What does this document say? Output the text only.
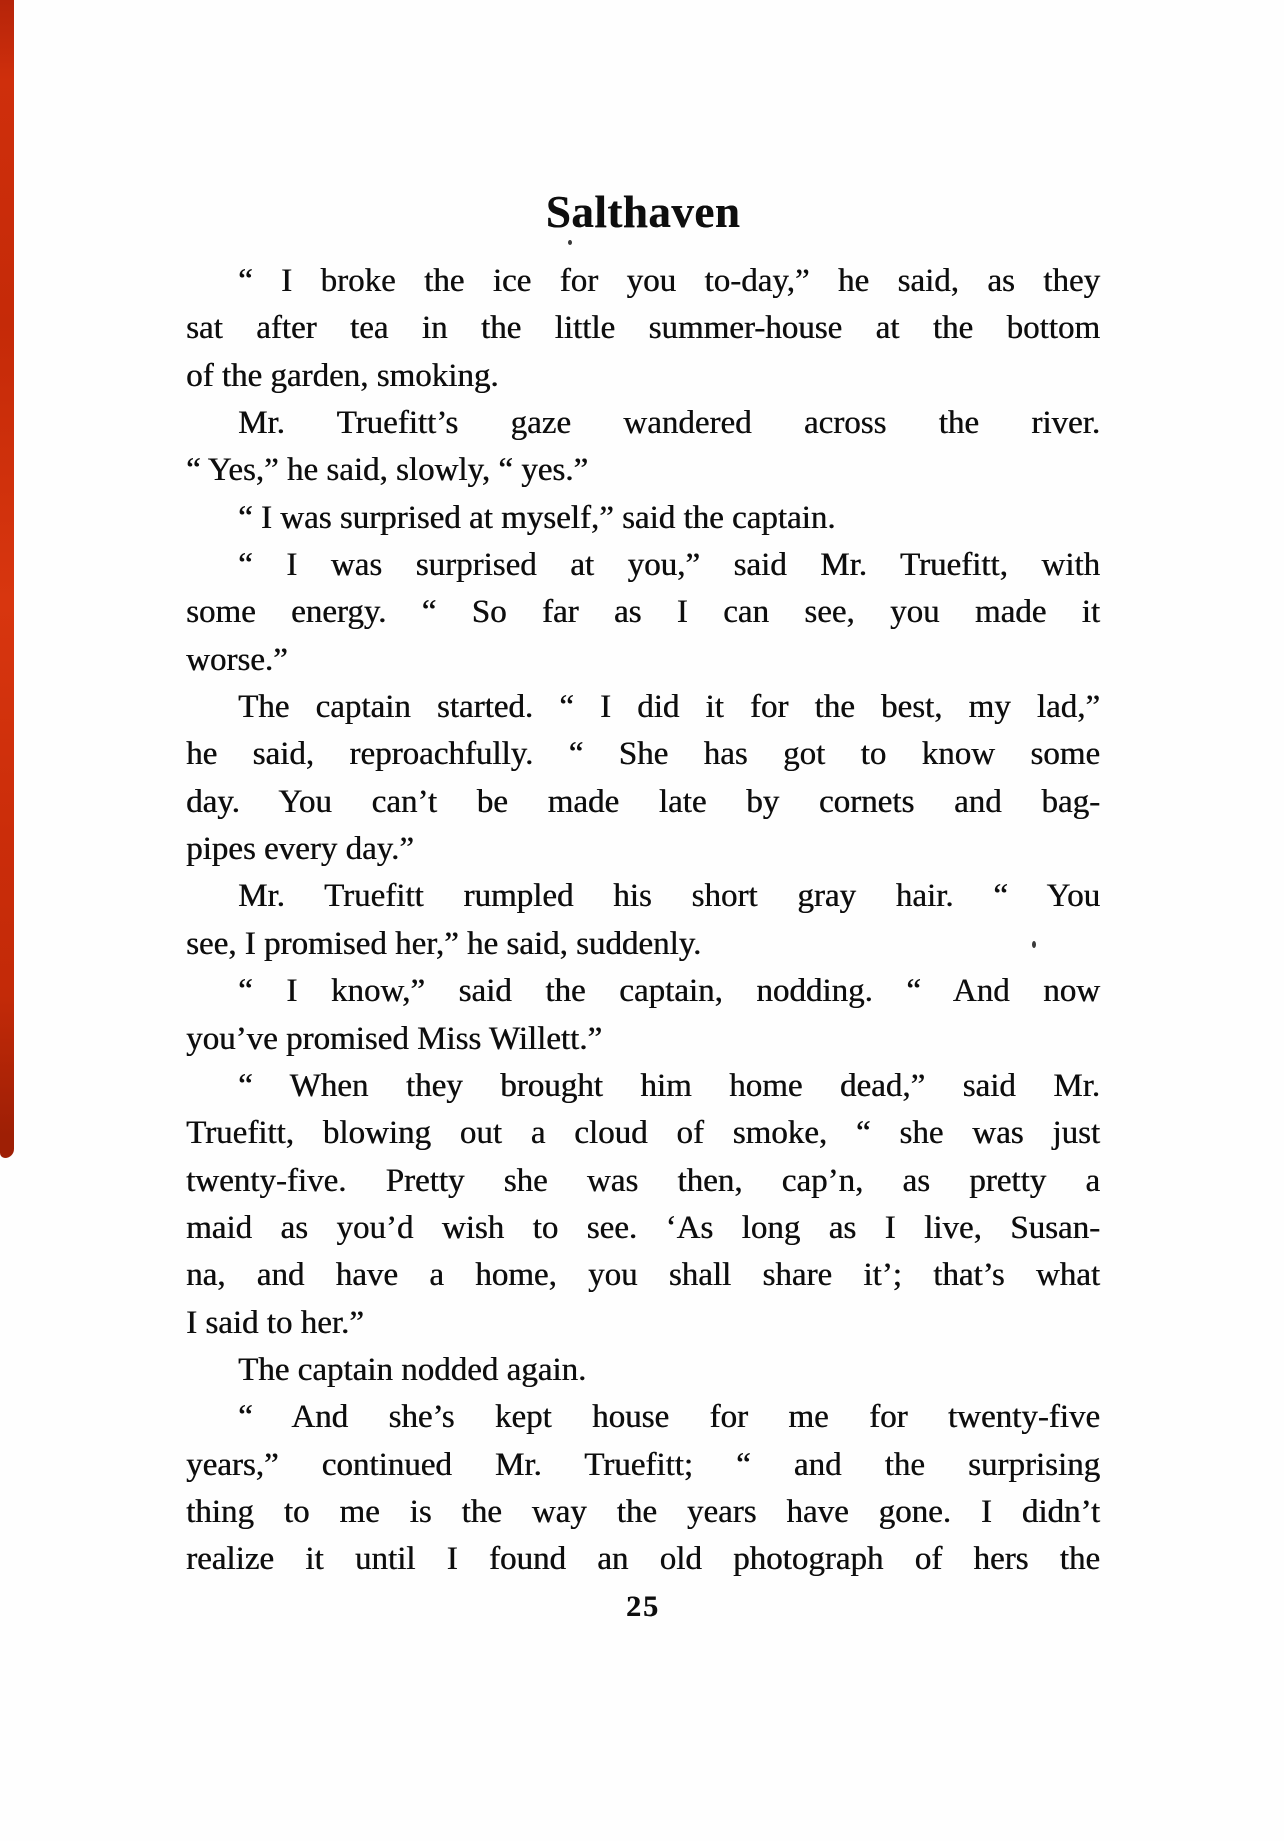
Salthaven
“ I broke the ice for you to-day,” he said, as they
sat after tea in the little summer-house at the bottom
of the garden, smoking.
Mr. Truefitt’s gaze wandered across the river.
“ Yes,” he said, slowly, “ yes.”
“ I was surprised at myself,” said the captain.
“ I was surprised at you,” said Mr. Truefitt, with
some energy. “ So far as I can see, you made it
worse.”
The captain started. “ I did it for the best, my lad,”
he said, reproachfully. “ She has got to know some
day. You can’t be made late by cornets and bag-
pipes every day.”
Mr. Truefitt rumpled his short gray hair. “ You
see, I promised her,” he said, suddenly.
“ I know,” said the captain, nodding. “ And now
you’ve promised Miss Willett.”
“ When they brought him home dead,” said Mr.
Truefitt, blowing out a cloud of smoke, “ she was just
twenty-five. Pretty she was then, cap’n, as pretty a
maid as you’d wish to see. ‘As long as I live, Susan-
na, and have a home, you shall share it’; that’s what
I said to her.”
The captain nodded again.
“ And she’s kept house for me for twenty-five
years,” continued Mr. Truefitt; “ and the surprising
thing to me is the way the years have gone. I didn’t
realize it until I found an old photograph of hers the
25
